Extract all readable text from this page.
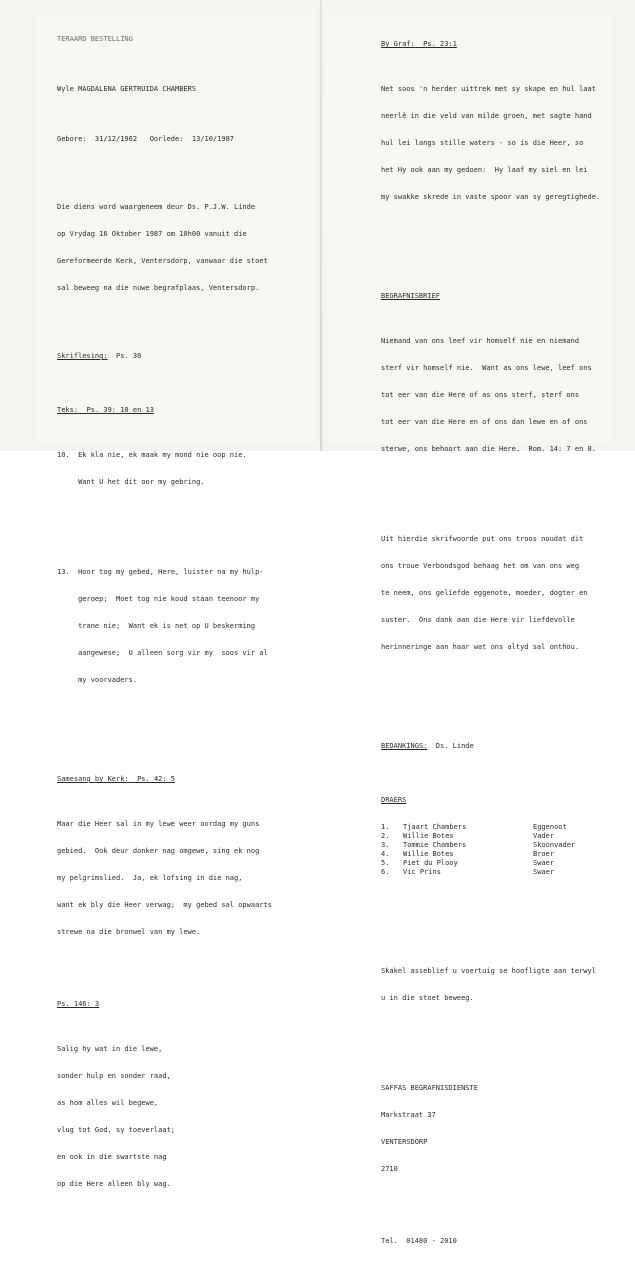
TERAARD BESTELLING

Wyle MAGDALENA GERTRUIDA CHAMBERS

Gebore:  31/12/1962   Oorlede:  13/10/1987

Die diens word waargeneem deur Ds. P.J.W. Linde

op Vrydag 16 Oktober 1987 om 10h00 vanuit die

Gereformeerde Kerk, Ventersdorp, vanwaar die stoet

sal beweeg na die nuwe begrafplaas, Ventersdorp.

Skriflesing:  Ps. 30

Teks:  Ps. 39: 10 en 13

10.  Ek kla nie, ek maak my mond nie oop nie.

Want U het dit oor my gebring.

13.  Hoor tog my gebed, Here, luister na my hulp-

geroep;  Moet tog nie koud staan teenoor my

trane nie;  Want ek is net op U beskerming

aangewese;  U alleen sorg vir my  soos vir al

my voorvaders.

Samesang by Kerk:  Ps. 42: 5

Maar die Heer sal in my lewe weer oordag my guns

gebied.  Ook deur donker nag omgewe, sing ek nog

my pelgrimslied.  Ja, ek lofsing in die nag,

want ek bly die Heer verwag;  my gebed sal opwaarts

strewe na die bronwel van my lewe.

Ps. 146: 3

Salig hy wat in die lewe,

sonder hulp en sonder raad,

as hom alles wil begewe,

vlug tot God, sy toeverlaat;

en ook in die swartste nag

op die Here alleen bly wag.

By Graf:  Ps. 23:1

Net soos 'n herder uittrek met sy skape en hul laat

neerlê in die veld van milde groen, met sagte hand

hul lei langs stille waters - so is die Heer, so

het Hy ook aan my gedoen:  Hy laaf my siel en lei

my swakke skrede in vaste spoor van sy geregtighede.

BEGRAFNISBRIEF

Niemand van ons leef vir homself nie en niemand

sterf vir homself nie.  Want as ons lewe, leef ons

tot eer van die Here of as ons sterf, sterf ons

tot eer van die Here en of ons dan lewe en of ons

sterwe, ons behoort aan die Here.  Rom. 14: 7 en 8.

Uit hierdie skrifwoorde put ons troos noudat dit

ons troue Verbondsgod behaag het om van ons weg

te neem, ons geliefde eggenote, moeder, dogter en

suster.  Ons dank aan die Here vir liefdevolle

herinneringe aan haar wat ons altyd sal onthou.

BEDANKINGS:  Ds. Linde

DRAERS

1.	Tjaart Chambers	Eggenoot
2.	Willie Botes	Vader
3.	Tommie Chambers	Skoonvader
4.	Willie Botes	Broer
5.	Piet du Plooy	Swaer
6.	Vic Prins	Swaer

Skakel asseblief u voertuig se hoofligte aan terwyl

u in die stoet beweeg.

SAFFAS BEGRAFNISDIENSTE

Markstraat 37

VENTERSDORP

2710

Tel.  01480 - 2010
